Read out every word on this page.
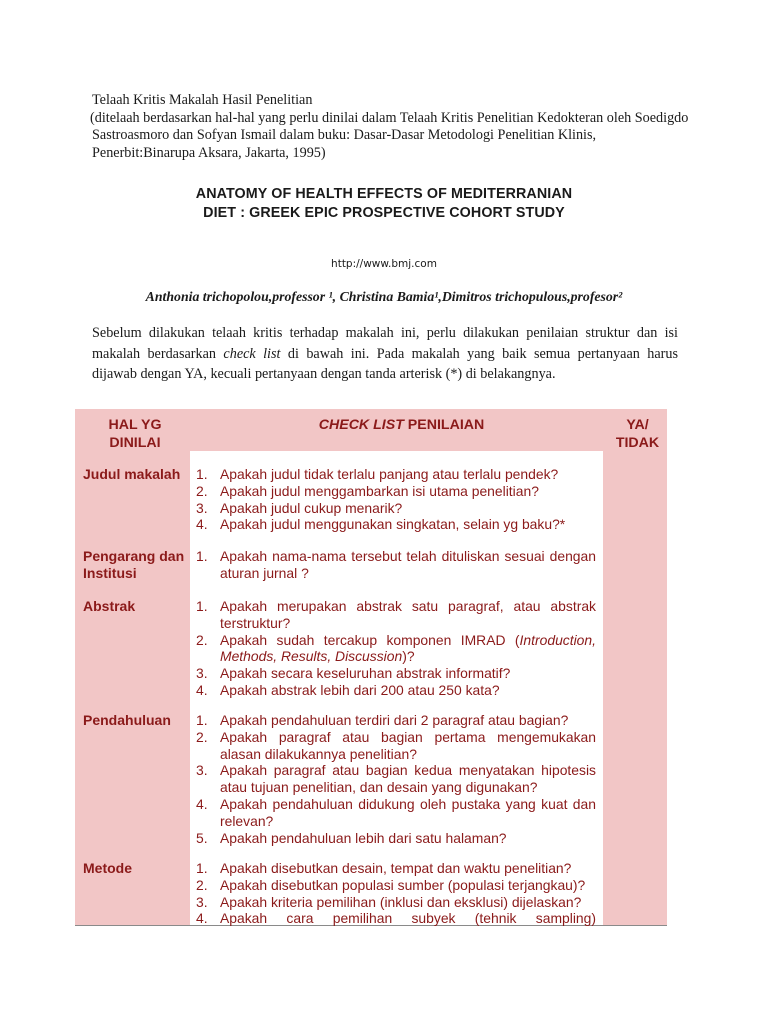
Telaah Kritis Makalah Hasil Penelitian
(ditelaah berdasarkan hal-hal yang perlu dinilai dalam Telaah Kritis Penelitian Kedokteran oleh Soedigdo
Sastroasmoro dan Sofyan Ismail dalam buku: Dasar-Dasar Metodologi Penelitian Klinis,
Penerbit:Binarupa Aksara, Jakarta, 1995)
ANATOMY OF HEALTH EFFECTS OF MEDITERRANIAN
DIET : GREEK EPIC PROSPECTIVE COHORT STUDY
http://www.bmj.com
Anthonia trichopolou,professor ¹, Christina Bamia¹,Dimitros trichopulous,profesor²
Sebelum dilakukan telaah kritis terhadap makalah ini, perlu dilakukan penilaian struktur dan isi
makalah berdasarkan check list di bawah ini. Pada makalah yang baik semua pertanyaan harus
dijawab dengan YA, kecuali pertanyaan dengan tanda arterisk (*) di belakangnya.
HAL YG
DINILAI
CHECK LIST PENILAIAN	YA/
TIDAK
Judul makalah 1. Apakah judul tidak terlalu panjang atau terlalu pendek?
2. Apakah judul menggambarkan isi utama penelitian?
3. Apakah judul cukup menarik?
4. Apakah judul menggunakan singkatan, selain yg baku?*
Pengarang dan
Institusi
1. Apakah nama-nama tersebut telah dituliskan sesuai dengan aturan jurnal ?
Abstrak	1. Apakah merupakan abstrak satu paragraf, atau abstrak terstruktur?
2. Apakah sudah tercakup komponen IMRAD (Introduction, Methods, Results, Discussion)?
3. Apakah secara keseluruhan abstrak informatif?
4. Apakah abstrak lebih dari 200 atau 250 kata?
Pendahuluan 1. Apakah pendahuluan terdiri dari 2 paragraf atau bagian?
2. Apakah paragraf atau bagian pertama mengemukakan alasan dilakukannya penelitian?
3. Apakah paragraf atau bagian kedua menyatakan hipotesis atau tujuan penelitian, dan desain yang digunakan?
4. Apakah pendahuluan didukung oleh pustaka yang kuat dan relevan?
5. Apakah pendahuluan lebih dari satu halaman?
Metode	1. Apakah disebutkan desain, tempat dan waktu penelitian?
2. Apakah disebutkan populasi sumber (populasi terjangkau)?
3. Apakah kriteria pemilihan (inklusi dan eksklusi) dijelaskan?
4. Apakah cara pemilihan subyek (tehnik sampling)
